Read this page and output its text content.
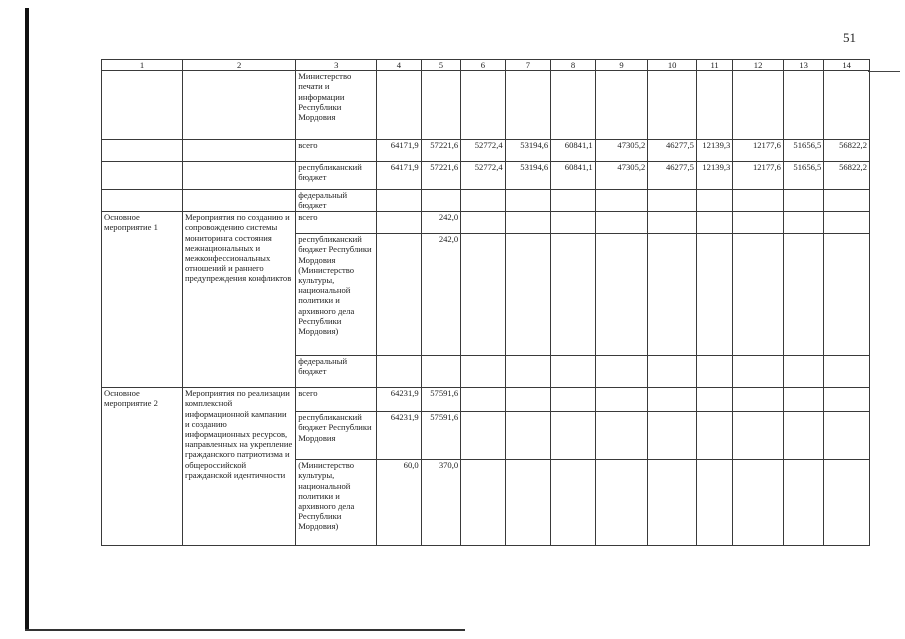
51
1	2	3	4	5	6	7	8	9	10	11	12	13	14
		Министерство печати и информации Республики Мордовия											
		всего	64171,9	57221,6	52772,4	53194,6	60841,1	47305,2	46277,5	12139,3	12177,6	51656,5	56822,2
		республиканский бюджет	64171,9	57221,6	52772,4	53194,6	60841,1	47305,2	46277,5	12139,3	12177,6	51656,5	56822,2
		федеральный бюджет											
Основное мероприятие 1	Мероприятия по созданию и сопровождению системы мониторинга состояния межнациональных и межконфессиональных отношений и раннего предупреждения конфликтов	всего		242,0									
		республиканский бюджет Республики Мордовия (Министерство культуры, национальной политики и архивного дела Республики Мордовия)		242,0									
		федеральный бюджет											
Основное мероприятие 2	Мероприятия по реализации комплексной информационной кампании и созданию информационных ресурсов, направленных на укрепление гражданского патриотизма и общероссийской гражданской идентичности	всего	64231,9	57591,6									
		республиканский бюджет Республики Мордовия	64231,9	57591,6									
		(Министерство культуры, национальной политики и архивного дела Республики Мордовия)	60,0	370,0									
